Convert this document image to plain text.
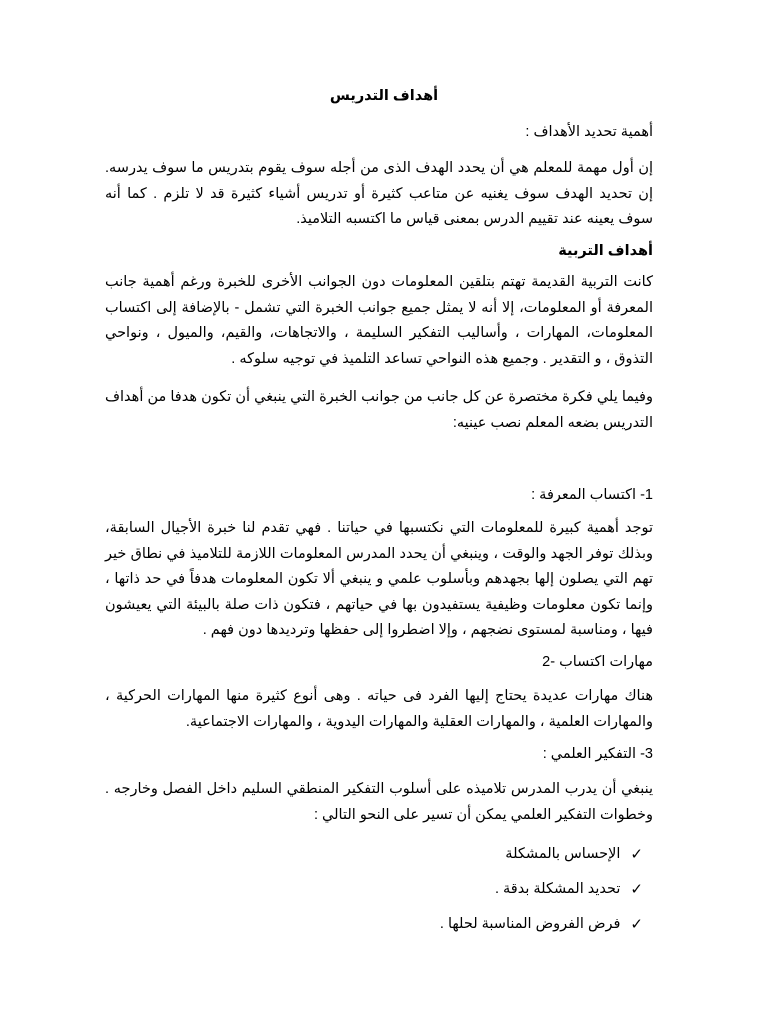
أهداف التدريس
أهمية تحديد الأهداف :
إن أول مهمة للمعلم هي أن يحدد الهدف الذى من أجله سوف يقوم بتدريس ما سوف يدرسه. إن تحديد الهدف سوف يغنيه عن متاعب كثيرة أو تدريس أشياء كثيرة قد لا تلزم . كما أنه سوف يعينه عند تقييم الدرس بمعنى قياس ما اكتسبه التلاميذ.
أهداف التربية
كانت التربية القديمة تهتم بتلقين المعلومات دون الجوانب الأخرى للخبرة ورغم أهمية جانب المعرفة أو المعلومات، إلا أنه لا يمثل جميع جوانب الخبرة التي تشمل - بالإضافة إلى اكتساب المعلومات، المهارات ، وأساليب التفكير السليمة ، والاتجاهات، والقيم، والميول ، ونواحي التذوق ، و التقدير . وجميع هذه النواحي تساعد التلميذ في توجيه سلوكه .
وفيما يلي فكرة مختصرة عن كل جانب من جوانب الخبرة التي ينبغي أن تكون هدفا من أهداف التدريس بضعه المعلم نصب عينيه:
1- اكتساب المعرفة :
توجد أهمية كبيرة للمعلومات التي نكتسبها في حياتنا . فهي تقدم لنا خبرة الأجيال السابقة، وبذلك توفر الجهد والوقت ، وينبغي أن يحدد المدرس المعلومات اللازمة للتلاميذ في نطاق خير تهم التي يصلون إلها بجهدهم وبأسلوب علمي و ينبغي ألا تكون المعلومات هدفاً في حد ذاتها ، وإنما تكون معلومات وظيفية يستفيدون بها في حياتهم ، فتكون ذات صلة بالبيئة التي يعيشون فيها ، ومناسبة لمستوى نضجهم ، وإلا اضطروا إلى حفظها وترديدها دون فهم .
مهارات اكتساب -2
هناك مهارات عديدة يحتاج إليها الفرد فى حياته . وهى أنوع كثيرة منها المهارات الحركية ، والمهارات العلمية ، والمهارات العقلية والمهارات اليدوية ، والمهارات الاجتماعية.
3- التفكير العلمي :
ينبغي أن يدرب المدرس تلاميذه على أسلوب التفكير المنطقي السليم داخل الفصل وخارجه . وخطوات التفكير العلمي يمكن أن تسير على النحو التالي :
✓
الإحساس بالمشكلة
✓
تحديد المشكلة بدقة .
✓
فرض الفروض المناسبة لحلها .
